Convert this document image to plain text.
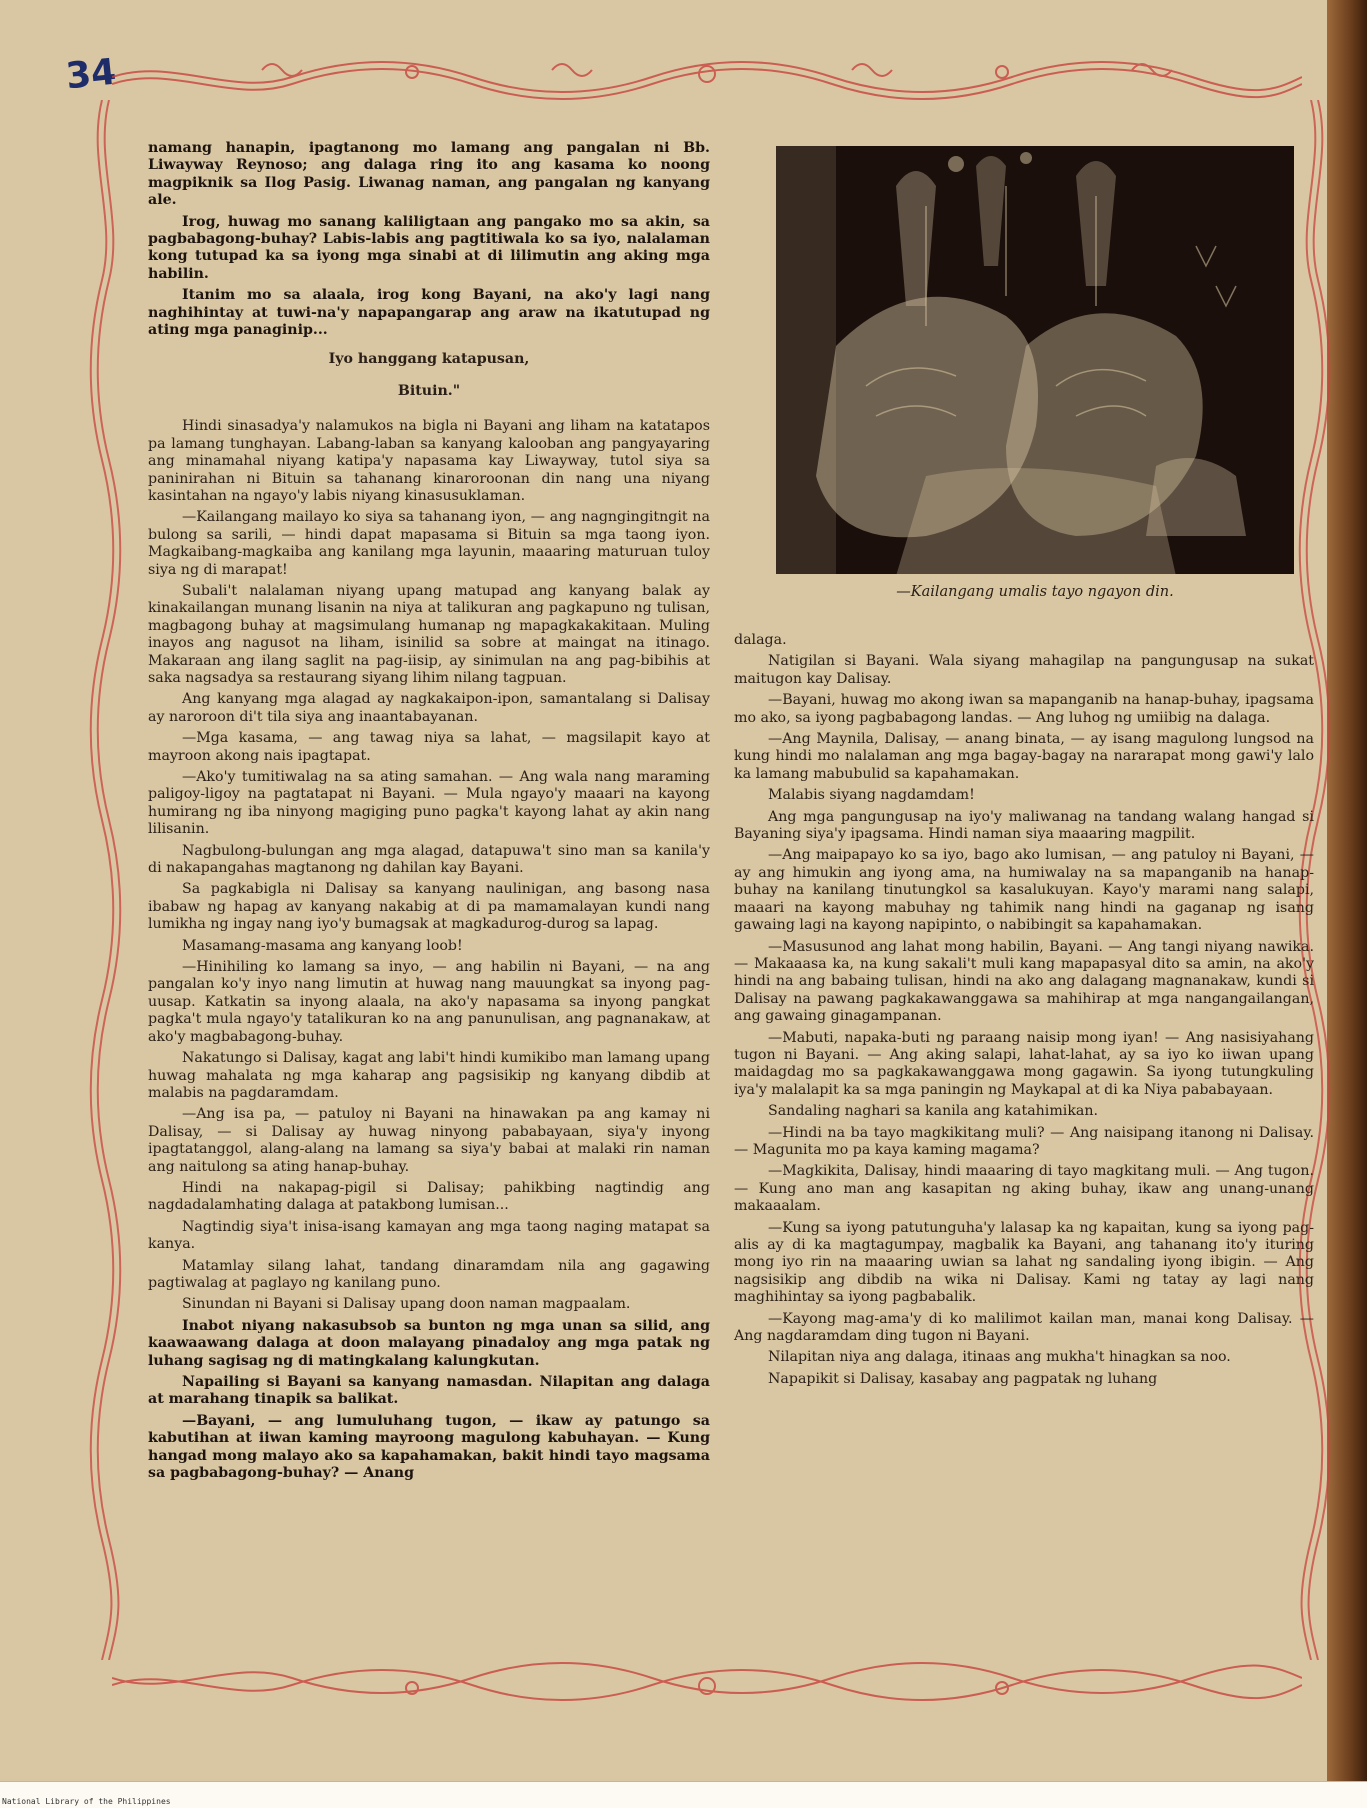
34

namang hanapin, ipagtanong mo lamang ang pangalan ni Bb. Liwayway Reynoso; ang dalaga ring ito ang kasama ko noong magpiknik sa Ilog Pasig. Liwanag naman, ang pangalan ng kanyang ale.

Irog, huwag mo sanang kaliligtaan ang pangako mo sa akin, sa pagbabagong-buhay? Labis-labis ang pagtitiwala ko sa iyo, nalalaman kong tutupad ka sa iyong mga sinabi at di lilimutin ang aking mga habilin.

Itanim mo sa alaala, irog kong Bayani, na ako'y lagi nang naghihintay at tuwi-na'y napapangarap ang araw na ikatutupad ng ating mga panaginip...

Iyo hanggang katapusan,

Bituin."

Hindi sinasadya'y nalamukos na bigla ni Bayani ang liham na katatapos pa lamang tunghayan. Labang-laban sa kanyang kalooban ang pangyayaring ang minamahal niyang katipa'y napasama kay Liwayway, tutol siya sa paninirahan ni Bituin sa tahanang kinaroroonan din nang una niyang kasintahan na ngayo'y labis niyang kinasusuklaman.

—Kailangang mailayo ko siya sa tahanang iyon, — ang nagngingitngit na bulong sa sarili, — hindi dapat mapasama si Bituin sa mga taong iyon. Magkaibang-magkaiba ang kanilang mga layunin, maaaring maturuan tuloy siya ng di marapat!

Subali't nalalaman niyang upang matupad ang kanyang balak ay kinakailangan munang lisanin na niya at talikuran ang pagkapuno ng tulisan, magbagong buhay at magsimulang humanap ng mapagkakakitaan. Muling inayos ang nagusot na liham, isinilid sa sobre at maingat na itinago. Makaraan ang ilang saglit na pag-iisip, ay sinimulan na ang pag-bibihis at saka nagsadya sa restaurang siyang lihim nilang tagpuan.

Ang kanyang mga alagad ay nagkakaipon-ipon, samantalang si Dalisay ay naroroon di't tila siya ang inaantabayanan.

—Mga kasama, — ang tawag niya sa lahat, — magsilapit kayo at mayroon akong nais ipagtapat.

—Ako'y tumitiwalag na sa ating samahan. — Ang wala nang maraming paligoy-ligoy na pagtatapat ni Bayani. — Mula ngayo'y maaari na kayong humirang ng iba ninyong magiging puno pagka't kayong lahat ay akin nang lilisanin.

Nagbulong-bulungan ang mga alagad, datapuwa't sino man sa kanila'y di nakapangahas magtanong ng dahilan kay Bayani.

Sa pagkabigla ni Dalisay sa kanyang naulinigan, ang basong nasa ibabaw ng hapag av kanyang nakabig at di pa mamamalayan kundi nang lumikha ng ingay nang iyo'y bumagsak at magkadurog-durog sa lapag.

Masamang-masama ang kanyang loob!

—Hinihiling ko lamang sa inyo, — ang habilin ni Bayani, — na ang pangalan ko'y inyo nang limutin at huwag nang mauungkat sa inyong pag-uusap. Katkatin sa inyong alaala, na ako'y napasama sa inyong pangkat pagka't mula ngayo'y tatalikuran ko na ang panunulisan, ang pagnanakaw, at ako'y magbabagong-buhay.

Nakatungo si Dalisay, kagat ang labi't hindi kumikibo man lamang upang huwag mahalata ng mga kaharap ang pagsisikip ng kanyang dibdib at malabis na pagdaramdam.

—Ang isa pa, — patuloy ni Bayani na hinawakan pa ang kamay ni Dalisay, — si Dalisay ay huwag ninyong pababayaan, siya'y inyong ipagtatanggol, alang-alang na lamang sa siya'y babai at malaki rin naman ang naitulong sa ating hanap-buhay.

Hindi na nakapag-pigil si Dalisay; pahikbing nagtindig ang nagdadalamhating dalaga at patakbong lumisan...

Nagtindig siya't inisa-isang kamayan ang mga taong naging matapat sa kanya.

Matamlay silang lahat, tandang dinaramdam nila ang gagawing pagtiwalag at paglayo ng kanilang puno.

Sinundan ni Bayani si Dalisay upang doon naman magpaalam.

Inabot niyang nakasubsob sa bunton ng mga unan sa silid, ang kaawaawang dalaga at doon malayang pinadaloy ang mga patak ng luhang sagisag ng di matingkalang kalungkutan.

Napailing si Bayani sa kanyang namasdan. Nilapitan ang dalaga at marahang tinapik sa balikat.

—Bayani, — ang lumuluhang tugon, — ikaw ay patungo sa kabutihan at iiwan kaming mayroong magulong kabuhayan. — Kung hangad mong malayo ako sa kapahamakan, bakit hindi tayo magsama sa pagbabagong-buhay? — Anang

—Kailangang umalis tayo ngayon din.

dalaga.

Natigilan si Bayani. Wala siyang mahagilap na pangungusap na sukat maitugon kay Dalisay.

—Bayani, huwag mo akong iwan sa mapanganib na hanap-buhay, ipagsama mo ako, sa iyong pagbabagong landas. — Ang luhog ng umiibig na dalaga.

—Ang Maynila, Dalisay, — anang binata, — ay isang magulong lungsod na kung hindi mo nalalaman ang mga bagay-bagay na nararapat mong gawi'y lalo ka lamang mabubulid sa kapahamakan.

Malabis siyang nagdamdam!

Ang mga pangungusap na iyo'y maliwanag na tandang walang hangad si Bayaning siya'y ipagsama. Hindi naman siya maaaring magpilit.

—Ang maipapayo ko sa iyo, bago ako lumisan, — ang patuloy ni Bayani, — ay ang himukin ang iyong ama, na humiwalay na sa mapanganib na hanap-buhay na kanilang tinutungkol sa kasalukuyan. Kayo'y marami nang salapi, maaari na kayong mabuhay ng tahimik nang hindi na gaganap ng isang gawaing lagi na kayong napipinto, o nabibingit sa kapahamakan.

—Masusunod ang lahat mong habilin, Bayani. — Ang tangi niyang nawika. — Makaaasa ka, na kung sakali't muli kang mapapasyal dito sa amin, na ako'y hindi na ang babaing tulisan, hindi na ako ang dalagang magnanakaw, kundi si Dalisay na pawang pagkakawanggawa sa mahihirap at mga nangangailangan, ang gawaing ginagampanan.

—Mabuti, napaka-buti ng paraang naisip mong iyan! — Ang nasisiyahang tugon ni Bayani. — Ang aking salapi, lahat-lahat, ay sa iyo ko iiwan upang maidagdag mo sa pagkakawanggawa mong gagawin. Sa iyong tutungkuling iya'y malalapit ka sa mga paningin ng Maykapal at di ka Niya pababayaan.

Sandaling naghari sa kanila ang katahimikan.

—Hindi na ba tayo magkikitang muli? — Ang naisipang itanong ni Dalisay. — Magunita mo pa kaya kaming magama?

—Magkikita, Dalisay, hindi maaaring di tayo magkitang muli. — Ang tugon. — Kung ano man ang kasapitan ng aking buhay, ikaw ang unang-unang makaaalam.

—Kung sa iyong patutunguha'y lalasap ka ng kapaitan, kung sa iyong pag-alis ay di ka magtagumpay, magbalik ka Bayani, ang tahanang ito'y ituring mong iyo rin na maaaring uwian sa lahat ng sandaling iyong ibigin. — Ang nagsisikip ang dibdib na wika ni Dalisay. Kami ng tatay ay lagi nang maghihintay sa iyong pagbabalik.

—Kayong mag-ama'y di ko malilimot kailan man, manai kong Dalisay. — Ang nagdaramdam ding tugon ni Bayani.

Nilapitan niya ang dalaga, itinaas ang mukha't hinagkan sa noo.

Napapikit si Dalisay, kasabay ang pagpatak ng luhang

National Library of the Philippines
